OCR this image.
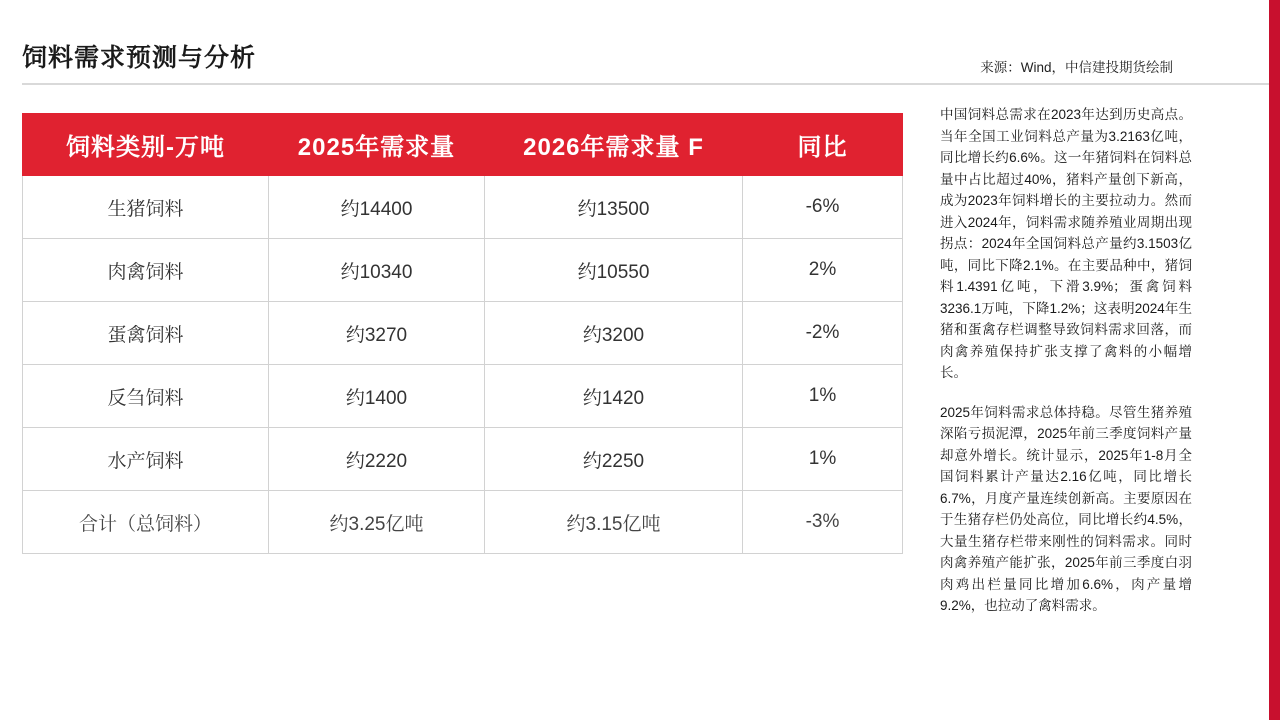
饲料需求预测与分析	来源：Wind，中信建投期货绘制
饲料类别-万吨	2025年需求量	2026年需求量 F	同比
生猪饲料	约14400	约13500	-6%
肉禽饲料	约10340	约10550	2%
蛋禽饲料	约3270	约3200	-2%
反刍饲料	约1400	约1420	1%
水产饲料	约2220	约2250	1%
合计（总饲料）	约3.25亿吨	约3.15亿吨	-3%

中国饲料总需求在2023年达到历史高点。当年全国工业饲料总产量为3.2163亿吨，同比增长约6.6%。这一年猪饲料在饲料总量中占比超过40%，猪料产量创下新高，成为2023年饲料增长的主要拉动力。然而进入2024年，饲料需求随养殖业周期出现拐点：2024年全国饲料总产量约3.1503亿吨，同比下降2.1%。在主要品种中，猪饲料1.4391亿吨，下滑3.9%；蛋禽饲料3236.1万吨，下降1.2%；这表明2024年生猪和蛋禽存栏调整导致饲料需求回落，而肉禽养殖保持扩张支撑了禽料的小幅增长。

2025年饲料需求总体持稳。尽管生猪养殖深陷亏损泥潭，2025年前三季度饲料产量却意外增长。统计显示，2025年1-8月全国饲料累计产量达2.16亿吨，同比增长6.7%，月度产量连续创新高。主要原因在于生猪存栏仍处高位，同比增长约4.5%，大量生猪存栏带来刚性的饲料需求。同时肉禽养殖产能扩张，2025年前三季度白羽肉鸡出栏量同比增加6.6%，肉产量增9.2%，也拉动了禽料需求。
